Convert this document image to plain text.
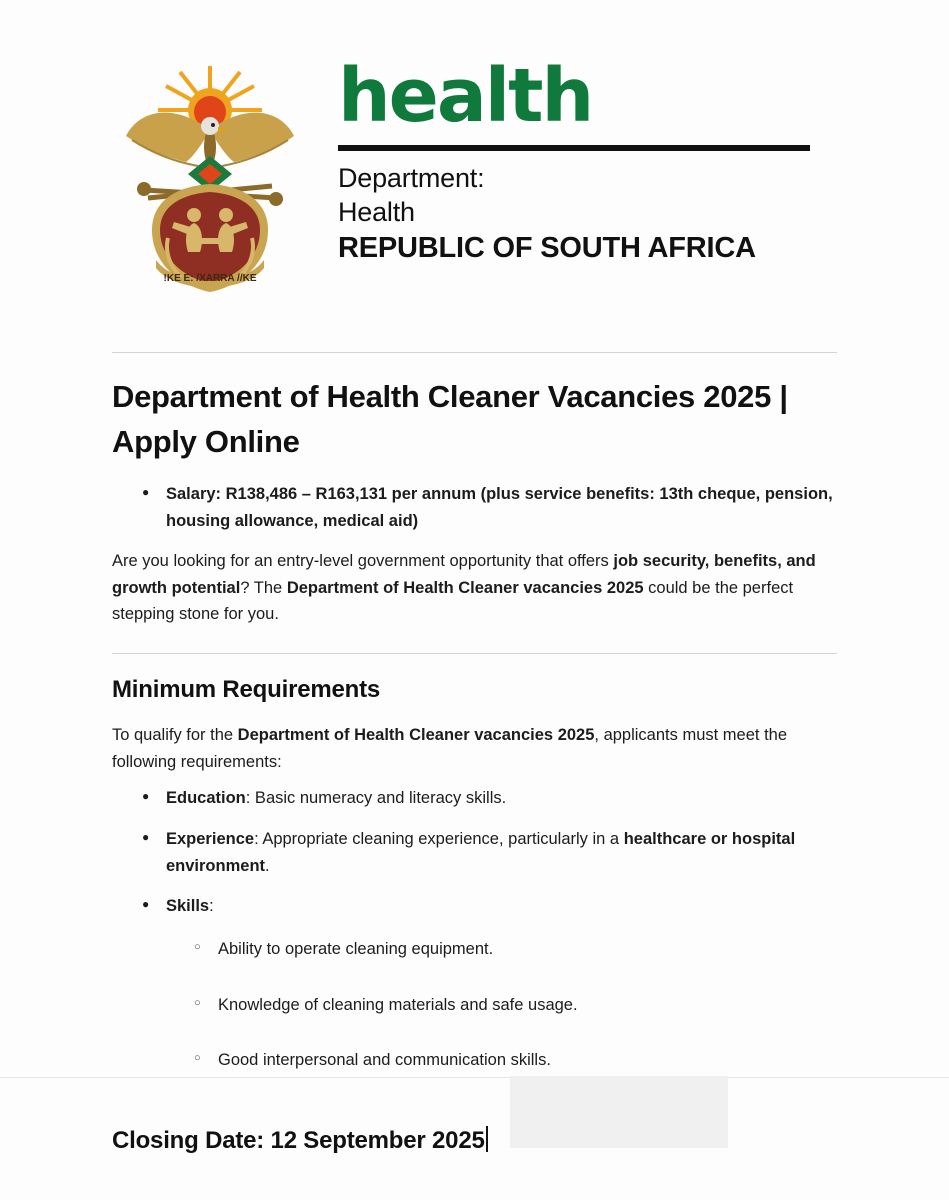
!KE E: /XARRA //KE
health
Department:
Health
REPUBLIC OF SOUTH AFRICA
Department of Health Cleaner Vacancies 2025 | Apply Online
● Salary: R138,486 – R163,131 per annum (plus service benefits: 13th cheque, pension, housing allowance, medical aid)

Are you looking for an entry-level government opportunity that offers job security, benefits, and growth potential? The Department of Health Cleaner vacancies 2025 could be the perfect stepping stone for you.

Minimum Requirements

To qualify for the Department of Health Cleaner vacancies 2025, applicants must meet the following requirements:

● Education: Basic numeracy and literacy skills.
● Experience: Appropriate cleaning experience, particularly in a healthcare or hospital environment.
● Skills:
○ Ability to operate cleaning equipment.
○ Knowledge of cleaning materials and safe usage.
○ Good interpersonal and communication skills.
Closing Date: 12 September 2025
